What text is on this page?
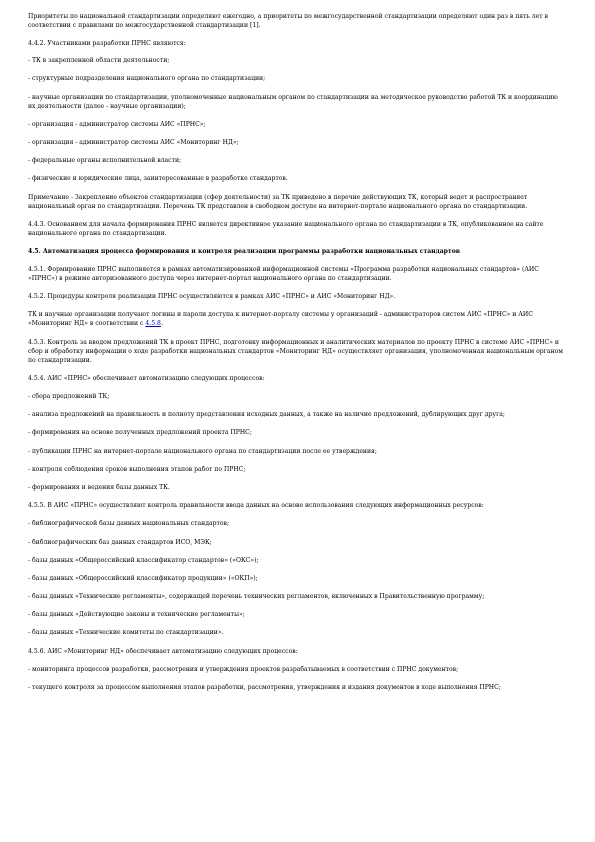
Приоритеты по национальной стандартизации определяют ежегодно, а приоритеты по межгосударственной стандартизации определяют один раз в пять лет в соответствии с правилами по межгосударственной стандартизации [1].

4.4.2. Участниками разработки ПРНС являются:

- ТК в закрепленной области деятельности;

- структурные подразделения национального органа по стандартизации;

- научные организации по стандартизации, уполномоченные национальным органом по стандартизации на методическое руководство работой ТК и координацию их деятельности (далее - научные организации);

- организация - администратор системы АИС «ПРНС»;

- организация - администратор системы АИС «Мониторинг НД»;

- федеральные органы исполнительной власти;

- физические и юридические лица, заинтересованные в разработке стандартов.

Примечание - Закрепление объектов стандартизации (сфер деятельности) за ТК приведено в перечне действующих ТК, который ведет и распространяет национальный орган по стандартизации. Перечень ТК представлен в свободном доступе на интернет-портале национального органа по стандартизации.

4.4.3. Основанием для начала формирования ПРНС является директивное указание национального органа по стандартизации в ТК, опубликованное на сайте национального органа по стандартизации.

4.5. Автоматизация процесса формирования и контроля реализации программы разработки национальных стандартов

4.5.1. Формирование ПРНС выполняется в рамках автоматизированной информационной системы «Программа разработки национальных стандартов» (АИС «ПРНС») в режиме авторизованного доступа через интернет-портал национального органа по стандартизации.

4.5.2. Процедуры контроля реализации ПРНС осуществляются в рамках АИС «ПРНС» и АИС «Мониторинг НД».

ТК и научные организации получают логины и пароли доступа к интернет-порталу системы у организаций - администраторов систем АИС «ПРНС» и АИС «Мониторинг НД» в соответствии с 4.5.8.

4.5.3. Контроль за вводом предложений ТК в проект ПРНС, подготовку информационных и аналитических материалов по проекту ПРНС в системе АИС «ПРНС» и сбор и обработку информации о ходе разработки национальных стандартов «Мониторинг НД» осуществляет организация, уполномоченная национальным органом по стандартизации.

4.5.4. АИС «ПРНС» обеспечивает автоматизацию следующих процессов:

- сбора предложений ТК;

- анализа предложений на правильность и полноту представления исходных данных, а также на наличие предложений, дублирующих друг друга;

- формирования на основе полученных предложений проекта ПРНС;

- публикации ПРНС на интернет-портале национального органа по стандартизации после ее утверждения;

- контроля соблюдения сроков выполнения этапов работ по ПРНС;

- формирования и ведения базы данных ТК.

4.5.5. В АИС «ПРНС» осуществляют контроль правильности ввода данных на основе использования следующих информационных ресурсов:

- библиографической базы данных национальных стандартов;

- библиографических баз данных стандартов ИСО, МЭК;

- базы данных «Общероссийский классификатор стандартов» («ОКС»);

- базы данных «Общероссийский классификатор продукции» («ОКП»);

- базы данных «Технические регламенты», содержащей перечень технических регламентов, включенных в Правительственную программу;

- базы данных «Действующие законы и технические регламенты»;

- базы данных «Технические комитеты по стандартизации».

4.5.6. АИС «Мониторинг НД» обеспечивает автоматизацию следующих процессов:

- мониторинга процессов разработки, рассмотрения и утверждения проектов разрабатываемых в соответствии с ПРНС документов;

- текущего контроля за процессом выполнения этапов разработки, рассмотрения, утверждения и издания документов в ходе выполнения ПРНС;
